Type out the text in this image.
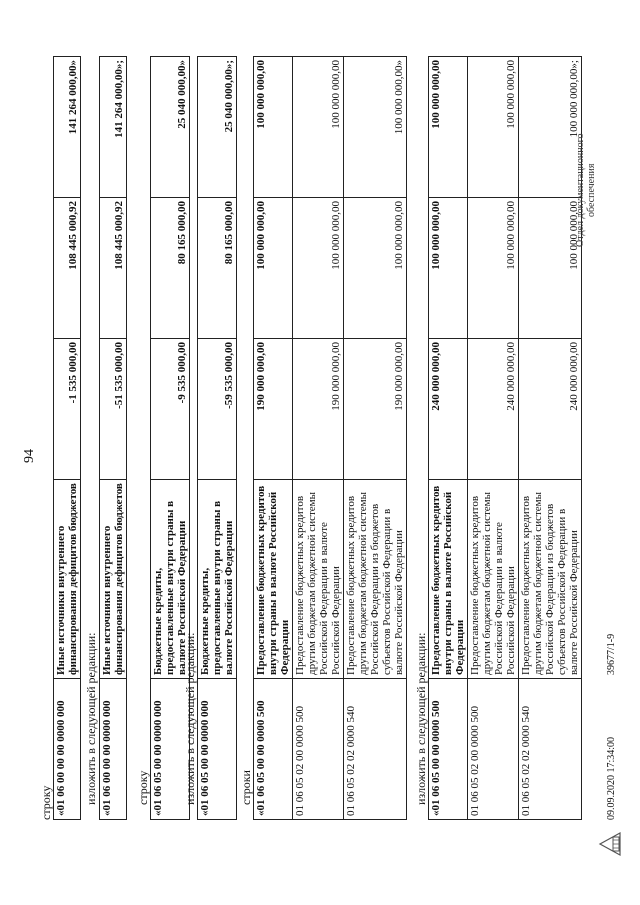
94
строку «01 06 00 00 00 0000 000	Иные источники внутреннего финансирования дефицитов бюджетов	-1 535 000,00	108 445 000,92	141 264 000,00»
изложить в следующей редакции: «01 06 00 00 00 0000 000	Иные источники внутреннего финансирования дефицитов бюджетов	-51 535 000,00	108 445 000,92	141 264 000,00»;
строку «01 06 05 00 00 0000 000	Бюджетные кредиты, предоставленные внутри страны в валюте Российской Федерации	-9 535 000,00	80 165 000,00	25 040 000,00»
изложить в следующей редакции: «01 06 05 00 00 0000 000	Бюджетные кредиты, предоставленные внутри страны в валюте Российской Федерации	-59 535 000,00	80 165 000,00	25 040 000,00»;
строки «01 06 05 00 00 0000 500	Предоставление бюджетных кредитов внутри страны в валюте Российской Федерации	190 000 000,00	100 000 000,00	100 000 000,00
01 06 05 02 00 0000 500	Предоставление бюджетных кредитов другим бюджетам бюджетной системы Российской Федерации в валюте Российской Федерации	190 000 000,00	100 000 000,00	100 000 000,00
01 06 05 02 02 0000 540	Предоставление бюджетных кредитов другим бюджетам бюджетной системы Российской Федерации из бюджетов субъектов Российской Федерации в валюте Российской Федерации	190 000 000,00	100 000 000,00	100 000 000,00»
изложить в следующей редакции: «01 06 05 00 00 0000 500	Предоставление бюджетных кредитов внутри страны в валюте Российской Федерации	240 000 000,00	100 000 000,00	100 000 000,00
01 06 05 02 00 0000 500	Предоставление бюджетных кредитов другим бюджетам бюджетной системы Российской Федерации в валюте Российской Федерации	240 000 000,00	100 000 000,00	100 000 000,00
01 06 05 02 02 0000 540	Предоставление бюджетных кредитов другим бюджетам бюджетной системы Российской Федерации из бюджетов субъектов Российской Федерации в валюте Российской Федерации	240 000 000,00	100 000 000,00	100 000 000,00»;
09.09.2020 17:34:00
39677/1-9
Отдел документационного обеспечения
